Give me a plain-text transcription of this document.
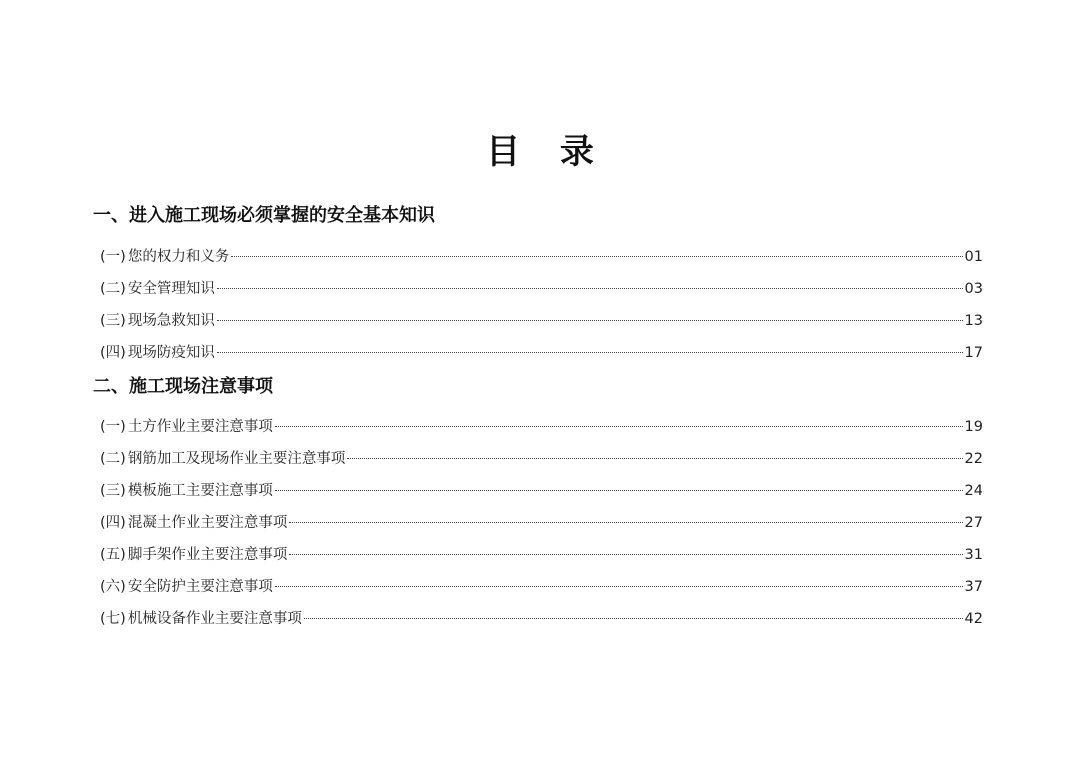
目 录
一、进入施工现场必须掌握的安全基本知识
(一) 您的权力和义务	01
(二) 安全管理知识	03
(三) 现场急救知识	13
(四) 现场防疫知识	17
二、施工现场注意事项
(一) 土方作业主要注意事项	19
(二) 钢筋加工及现场作业主要注意事项	22
(三) 模板施工主要注意事项	24
(四) 混凝土作业主要注意事项	27
(五) 脚手架作业主要注意事项	31
(六) 安全防护主要注意事项	37
(七) 机械设备作业主要注意事项	42
